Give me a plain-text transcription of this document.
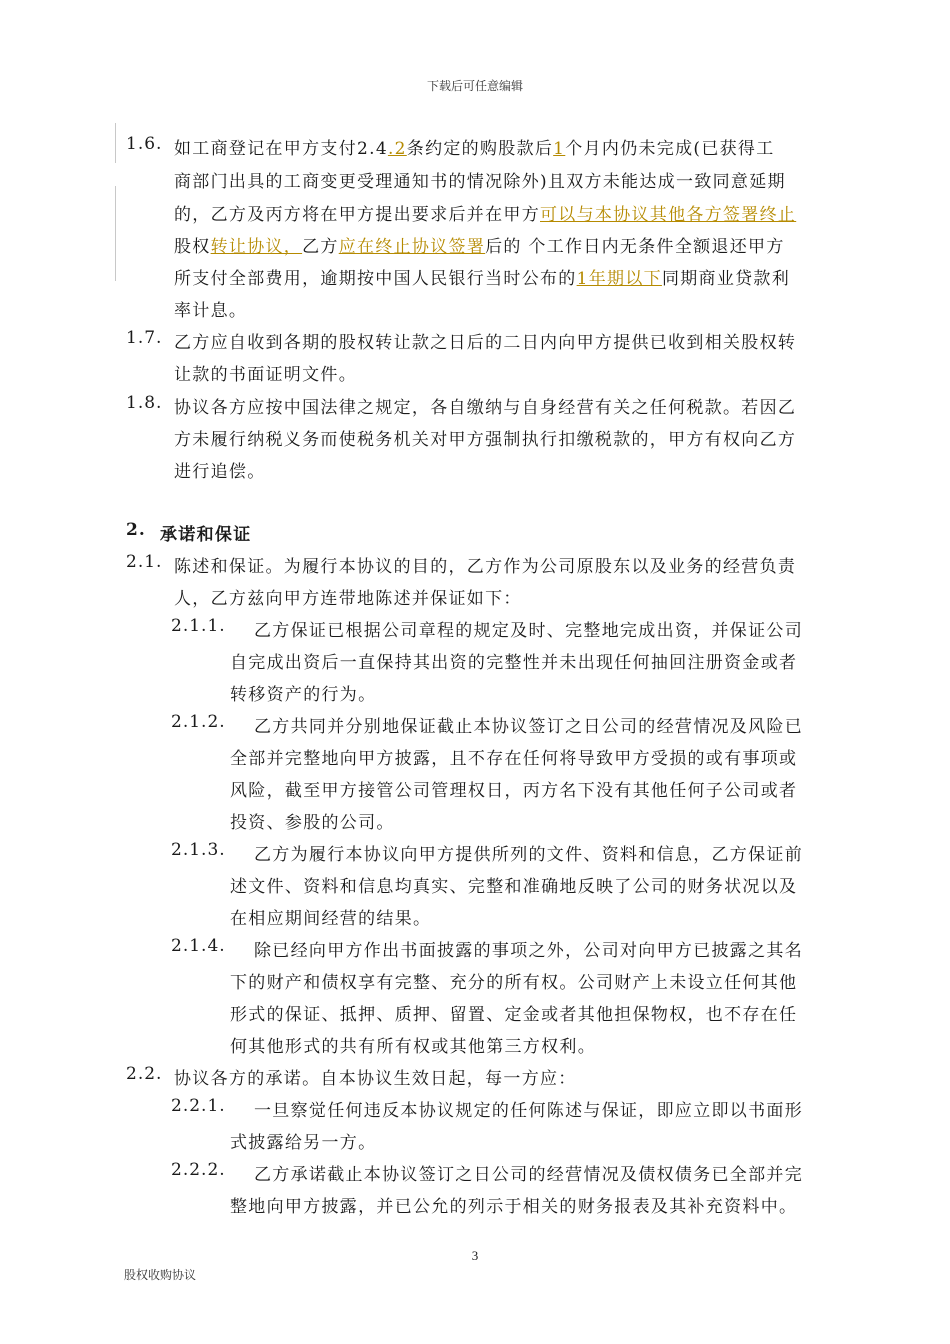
下载后可任意编辑
1.6. 如工商登记在甲方支付2.4.2条约定的购股款后1个月内仍未完成(已获得工
商部门出具的工商变更受理通知书的情况除外)且双方未能达成一致同意延期
的，乙方及丙方将在甲方提出要求后并在甲方可以与本协议其他各方签署终止
股权转让协议，乙方应在终止协议签署后的 个工作日内无条件全额退还甲方
所支付全部费用，逾期按中国人民银行当时公布的1年期以下同期商业贷款利
率计息。
1.7. 乙方应自收到各期的股权转让款之日后的二日内向甲方提供已收到相关股权转
让款的书面证明文件。
1.8. 协议各方应按中国法律之规定，各自缴纳与自身经营有关之任何税款。若因乙
方未履行纳税义务而使税务机关对甲方强制执行扣缴税款的，甲方有权向乙方
进行追偿。
2. 承诺和保证
2.1. 陈述和保证。为履行本协议的目的，乙方作为公司原股东以及业务的经营负责
人，乙方兹向甲方连带地陈述并保证如下：
2.1.1. 乙方保证已根据公司章程的规定及时、完整地完成出资，并保证公司
自完成出资后一直保持其出资的完整性并未出现任何抽回注册资金或者
转移资产的行为。
2.1.2. 乙方共同并分别地保证截止本协议签订之日公司的经营情况及风险已
全部并完整地向甲方披露，且不存在任何将导致甲方受损的或有事项或
风险，截至甲方接管公司管理权日，丙方名下没有其他任何子公司或者
投资、参股的公司。
2.1.3. 乙方为履行本协议向甲方提供所列的文件、资料和信息，乙方保证前
述文件、资料和信息均真实、完整和准确地反映了公司的财务状况以及
在相应期间经营的结果。
2.1.4. 除已经向甲方作出书面披露的事项之外，公司对向甲方已披露之其名
下的财产和债权享有完整、充分的所有权。公司财产上未设立任何其他
形式的保证、抵押、质押、留置、定金或者其他担保物权，也不存在任
何其他形式的共有所有权或其他第三方权利。
2.2. 协议各方的承诺。自本协议生效日起，每一方应：
2.2.1. 一旦察觉任何违反本协议规定的任何陈述与保证，即应立即以书面形
式披露给另一方。
2.2.2. 乙方承诺截止本协议签订之日公司的经营情况及债权债务已全部并完
整地向甲方披露，并已公允的列示于相关的财务报表及其补充资料中。
3
股权收购协议
